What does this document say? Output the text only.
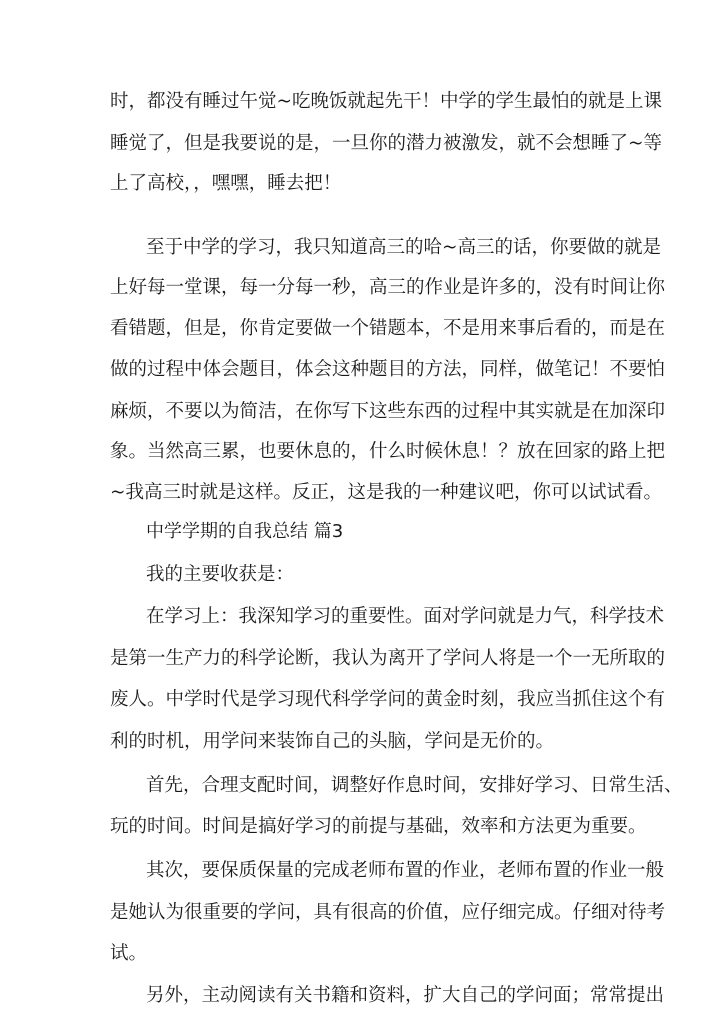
时，都没有睡过午觉~吃晚饭就起先干！中学的学生最怕的就是上课
睡觉了，但是我要说的是，一旦你的潜力被激发，就不会想睡了~等
上了高校，，嘿嘿，睡去把！
至于中学的学习，我只知道高三的哈~高三的话，你要做的就是
上好每一堂课，每一分每一秒，高三的作业是许多的，没有时间让你
看错题，但是，你肯定要做一个错题本，不是用来事后看的，而是在
做的过程中体会题目，体会这种题目的方法，同样，做笔记！不要怕
麻烦，不要以为简洁，在你写下这些东西的过程中其实就是在加深印
象。当然高三累，也要休息的，什么时候休息！？放在回家的路上把
~我高三时就是这样。反正，这是我的一种建议吧，你可以试试看。
中学学期的自我总结 篇3
我的主要收获是：
在学习上：我深知学习的重要性。面对学问就是力气，科学技术
是第一生产力的科学论断，我认为离开了学问人将是一个一无所取的
废人。中学时代是学习现代科学学问的黄金时刻，我应当抓住这个有
利的时机，用学问来装饰自己的头脑，学问是无价的。
首先，合理支配时间，调整好作息时间，安排好学习、日常生活、
玩的时间。时间是搞好学习的前提与基础，效率和方法更为重要。
其次，要保质保量的完成老师布置的作业，老师布置的作业一般
是她认为很重要的学问，具有很高的价值，应仔细完成。仔细对待考
试。
另外，主动阅读有关书籍和资料，扩大自己的学问面；常常提出
